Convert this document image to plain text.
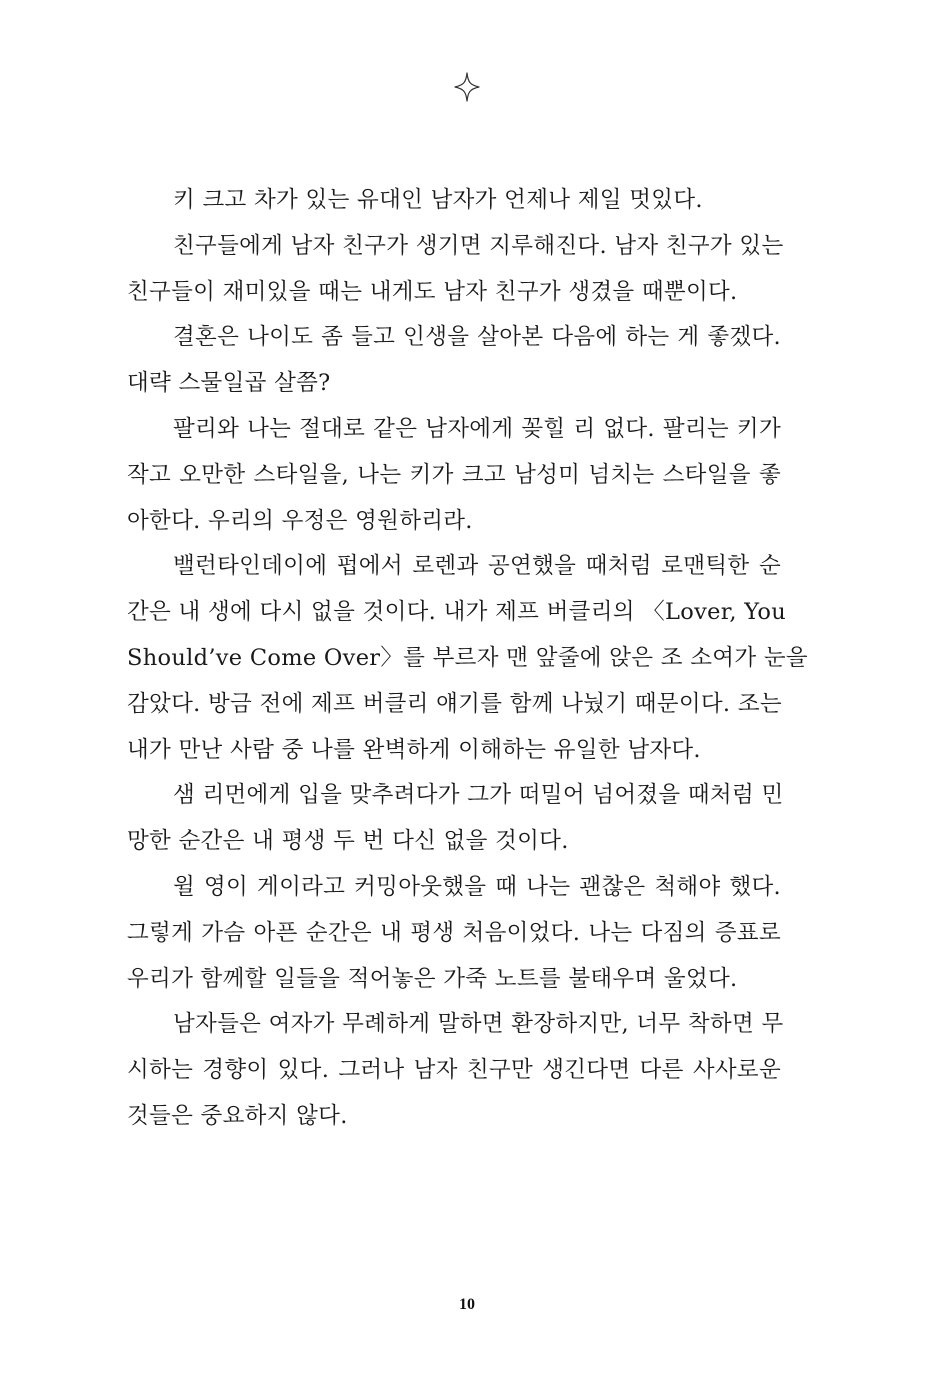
키 크고 차가 있는 유대인 남자가 언제나 제일 멋있다.
친구들에게 남자 친구가 생기면 지루해진다. 남자 친구가 있는
친구들이 재미있을 때는 내게도 남자 친구가 생겼을 때뿐이다.
결혼은 나이도 좀 들고 인생을 살아본 다음에 하는 게 좋겠다.
대략 스물일곱 살쯤?
팔리와 나는 절대로 같은 남자에게 꽂힐 리 없다. 팔리는 키가
작고 오만한 스타일을, 나는 키가 크고 남성미 넘치는 스타일을 좋
아한다. 우리의 우정은 영원하리라.
밸런타인데이에 펍에서 로렌과 공연했을 때처럼 로맨틱한 순
간은 내 생에 다시 없을 것이다. 내가 제프 버클리의 〈Lover, You
Should’ve Come Over〉를 부르자 맨 앞줄에 앉은 조 소여가 눈을
감았다. 방금 전에 제프 버클리 얘기를 함께 나눴기 때문이다. 조는
내가 만난 사람 중 나를 완벽하게 이해하는 유일한 남자다.
샘 리먼에게 입을 맞추려다가 그가 떠밀어 넘어졌을 때처럼 민
망한 순간은 내 평생 두 번 다신 없을 것이다.
윌 영이 게이라고 커밍아웃했을 때 나는 괜찮은 척해야 했다.
그렇게 가슴 아픈 순간은 내 평생 처음이었다. 나는 다짐의 증표로
우리가 함께할 일들을 적어놓은 가죽 노트를 불태우며 울었다.
남자들은 여자가 무례하게 말하면 환장하지만, 너무 착하면 무
시하는 경향이 있다. 그러나 남자 친구만 생긴다면 다른 사사로운
것들은 중요하지 않다.
10
